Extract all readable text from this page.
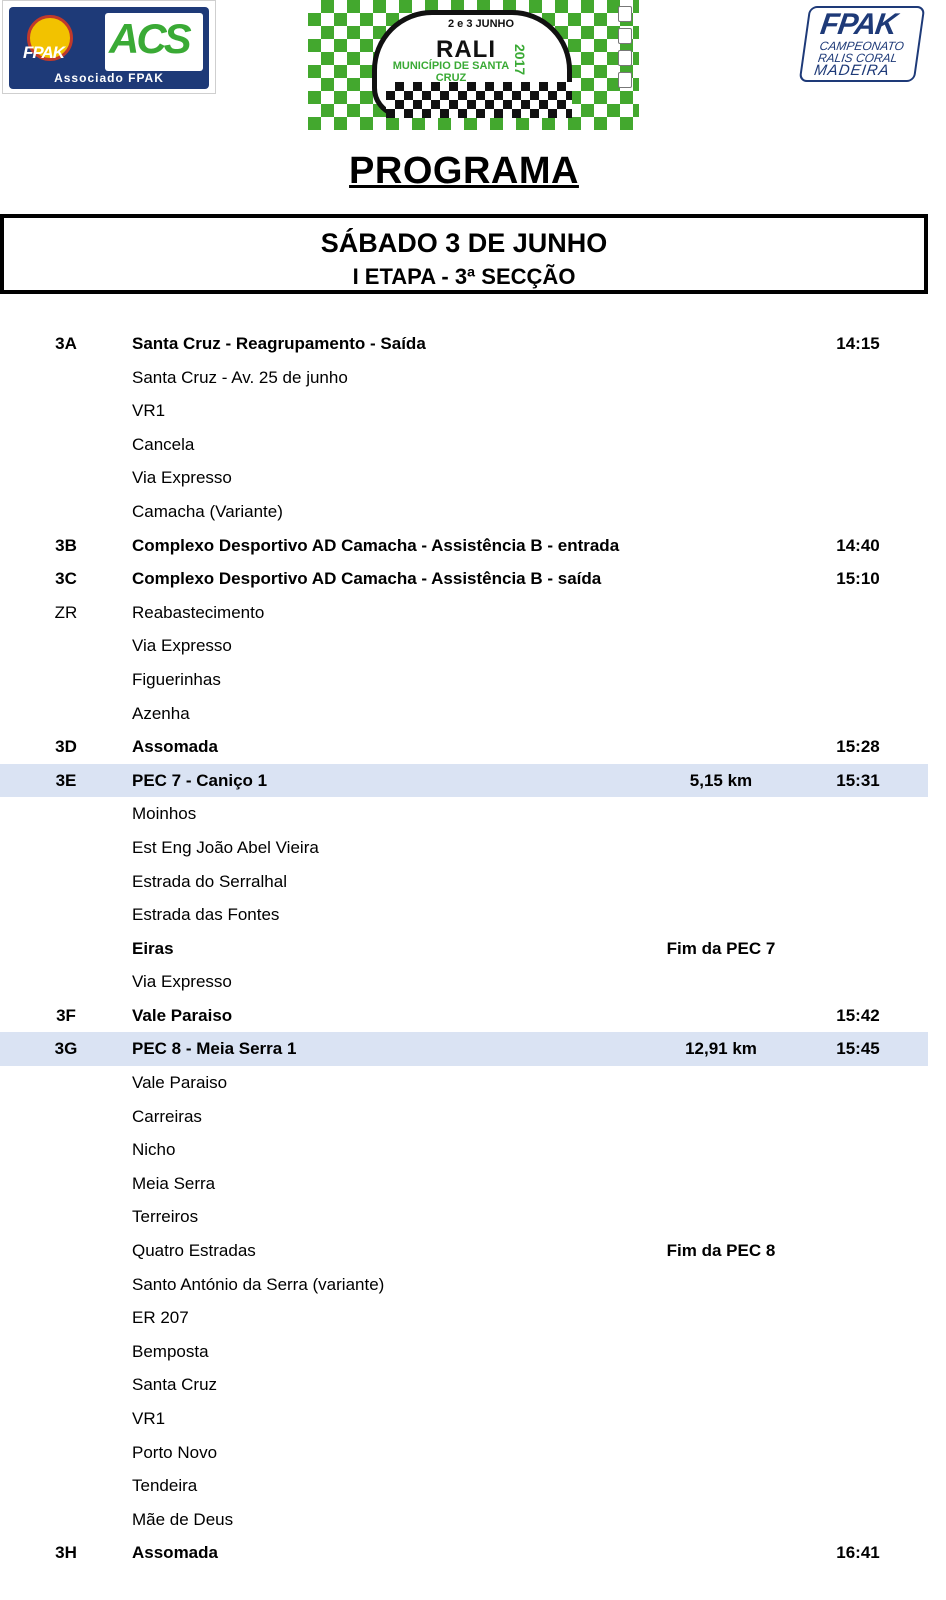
FPAK ACS
Associado FPAK
2 e 3 JUNHO
RALI
MUNICÍPIO DE SANTA CRUZ
2017
FPAK
CAMPEONATO
RALIS CORAL
MADEIRA
PROGRAMA
SÁBADO 3 DE JUNHO
I ETAPA - 3ª SECÇÃO
3A	Santa Cruz - Reagrupamento - Saída	14:15
Santa Cruz - Av. 25 de junho
VR1
Cancela
Via Expresso
Camacha (Variante)
3B	Complexo Desportivo AD Camacha - Assistência B - entrada	14:40
3C	Complexo Desportivo AD Camacha - Assistência B - saída	15:10
ZR	Reabastecimento
Via Expresso
Figuerinhas
Azenha
3D	Assomada	15:28
3E	PEC 7 - Caniço 1	5,15 km	15:31
Moinhos
Est Eng João Abel Vieira
Estrada do Serralhal
Estrada das Fontes
Eiras	Fim da PEC 7
Via Expresso
3F	Vale Paraiso	15:42
3G	PEC 8 - Meia Serra 1	12,91 km	15:45
Vale Paraiso
Carreiras
Nicho
Meia Serra
Terreiros
Quatro Estradas	Fim da PEC 8
Santo António da Serra (variante)
ER 207
Bemposta
Santa Cruz
VR1
Porto Novo
Tendeira
Mãe de Deus
3H	Assomada	16:41
